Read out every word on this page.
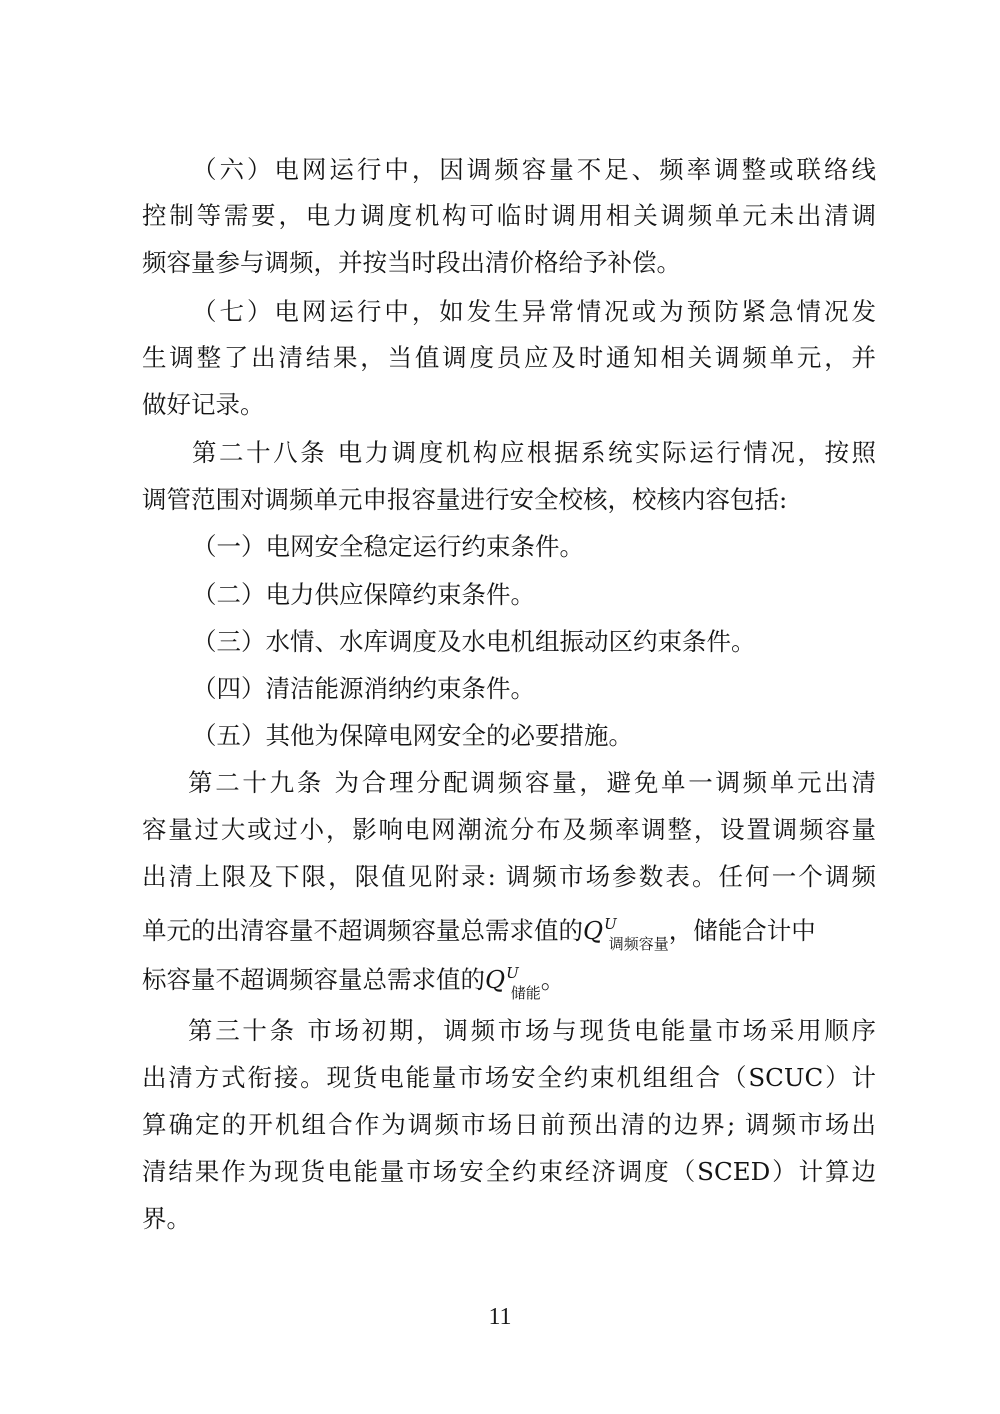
（六）电网运行中，因调频容量不足、频率调整或联络线
控制等需要，电力调度机构可临时调用相关调频单元未出清调
频容量参与调频，并按当时段出清价格给予补偿。
（七）电网运行中，如发生异常情况或为预防紧急情况发
生调整了出清结果，当值调度员应及时通知相关调频单元，并
做好记录。
第二十八条 电力调度机构应根据系统实际运行情况，按照
调管范围对调频单元申报容量进行安全校核，校核内容包括:
（一）电网安全稳定运行约束条件。
（二）电力供应保障约束条件。
（三）水情、水库调度及水电机组振动区约束条件。
（四）清洁能源消纳约束条件。
（五）其他为保障电网安全的必要措施。
第二十九条 为合理分配调频容量，避免单一调频单元出清
容量过大或过小，影响电网潮流分布及频率调整，设置调频容量
出清上限及下限，限值见附录: 调频市场参数表。任何一个调频
单元的出清容量不超调频容量总需求值的$Q^U_{调频容量}$，储能合计中
标容量不超调频容量总需求值的$Q^U_{储能}$。
第三十条 市场初期，调频市场与现货电能量市场采用顺序
出清方式衔接。现货电能量市场安全约束机组组合（SCUC）计
算确定的开机组合作为调频市场日前预出清的边界; 调频市场出
清结果作为现货电能量市场安全约束经济调度（SCED）计算边
界。
11
